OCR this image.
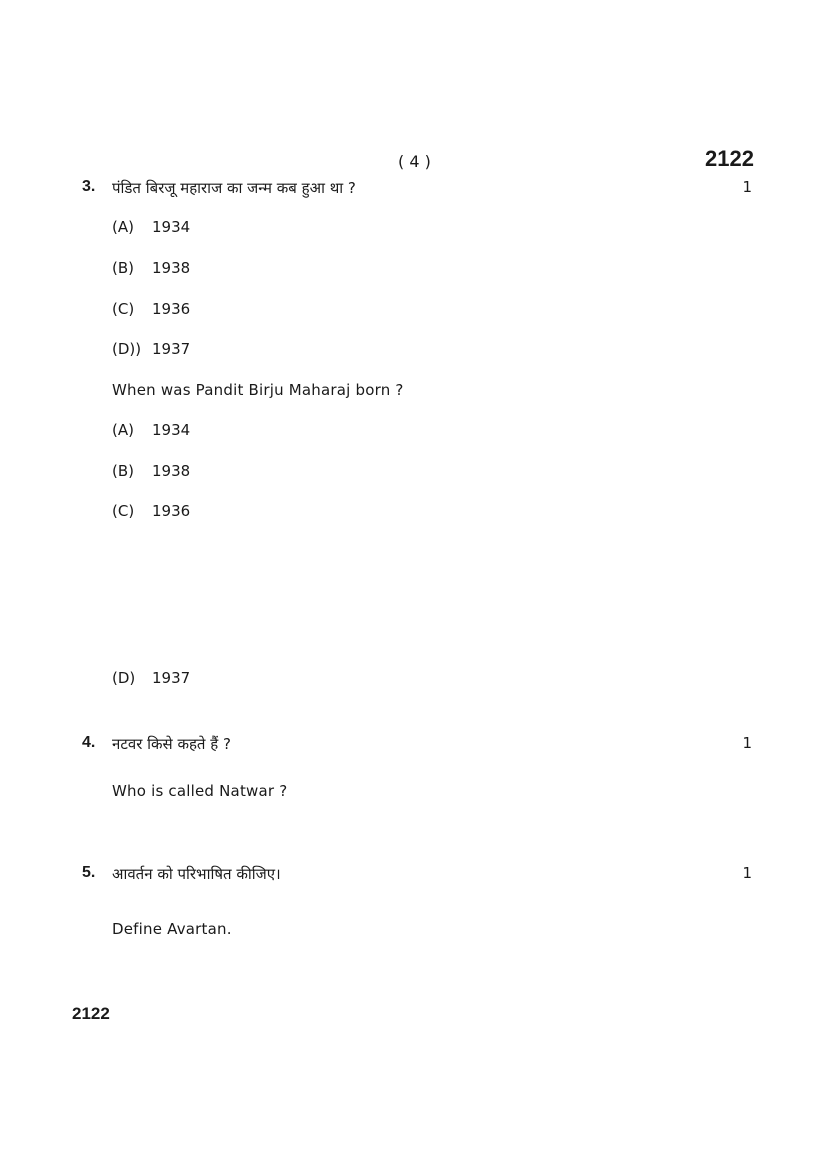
( 4 )	2122
3. पंडित बिरजू महाराज का जन्म कब हुआ था ?	1
(A) 1934
(B) 1938
(C) 1936
(D)) 1937
When was Pandit Birju Maharaj born ?
(A) 1934
(B) 1938
(C) 1936
(D) 1937
4. नटवर किसे कहते हैं ?	1
Who is called Natwar ?
5. आवर्तन को परिभाषित कीजिए।	1
Define Avartan.
2122
